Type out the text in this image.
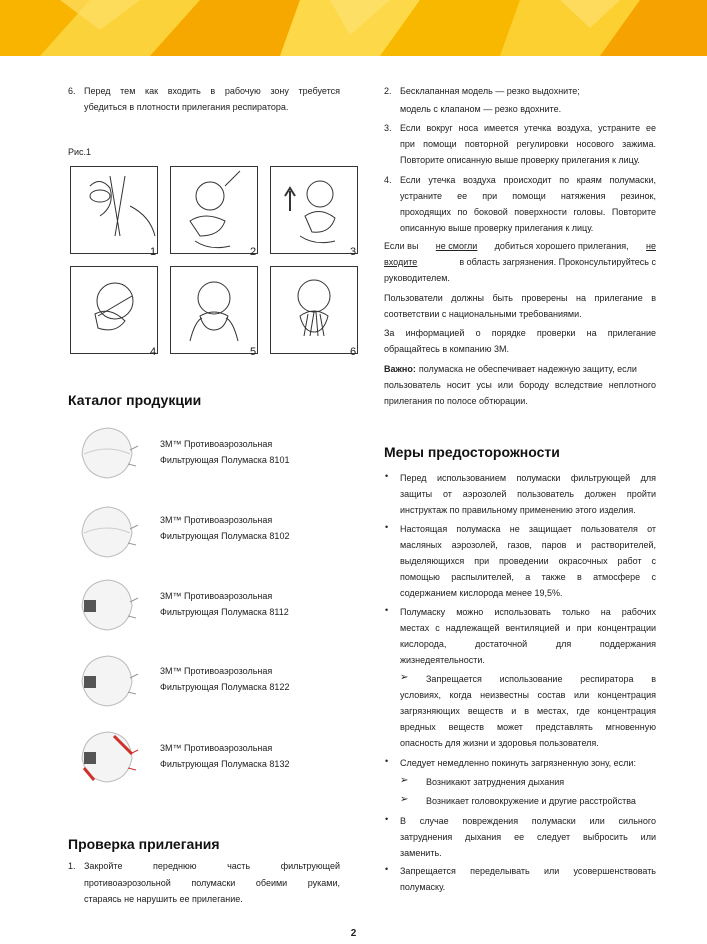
6. Перед тем как входить в рабочую зону требуется
убедиться в плотности прилегания респиратора.
Рис.1
1	2	3
4	5	6
Каталог продукции
3M™ Противоаэрозольная
Фильтрующая Полумаска 8101
3M™ Противоаэрозольная
Фильтрующая Полумаска 8102
3M™ Противоаэрозольная
Фильтрующая Полумаска 8112
3M™ Противоаэрозольная
Фильтрующая Полумаска 8122
3M™ Противоаэрозольная
Фильтрующая Полумаска 8132
Проверка прилегания
1. Закройте переднюю часть фильтрующей
противоаэрозольной полумаски обеими руками,
стараясь не нарушить ее прилегание.
2. Бесклапанная модель — резко выдохните;
модель с клапаном — резко вдохните.
3. Если вокруг носа имеется утечка воздуха, устраните ее
при помощи повторной регулировки носового зажима.
Повторите описанную выше проверку прилегания к лицу.
4. Если утечка воздуха происходит по краям полумаски,
устраните ее при помощи натяжения резинок,
проходящих по боковой поверхности головы. Повторите
описанную выше проверку прилегания к лицу.
Если вы не смогли добиться хорошего прилегания, не
входите	в область загрязнения. Проконсультируйтесь с
руководителем.
Пользователи должны быть проверены на прилегание в
соответствии с национальными требованиями.
За информацией о порядке проверки на прилегание
обращайтесь в компанию 3М.
Важно: полумаска не обеспечивает надежную защиту, если
пользователь носит усы или бороду вследствие неплотного
прилегания по полосе обтюрации.
Меры предосторожности
• Перед использованием полумаски фильтрующей для
защиты от аэрозолей пользователь должен пройти
инструктаж по правильному применению этого изделия.
• Настоящая полумаска не защищает пользователя от
масляных аэрозолей, газов, паров и растворителей,
выделяющихся при проведении окрасочных работ с
помощью распылителей, а также в атмосфере с
содержанием кислорода менее 19,5%.
• Полумаску можно использовать только на рабочих
местах с надлежащей вентиляцией и при концентрации
кислорода, достаточной для поддержания
жизнедеятельности.
➢ Запрещается использование респиратора в
условиях, когда неизвестны состав или концентрация
загрязняющих веществ и в местах, где концентрация
вредных веществ может представлять мгновенную
опасность для жизни и здоровья пользователя.
• Следует немедленно покинуть загрязненную зону, если:
➢ Возникают затруднения дыхания
➢ Возникает головокружение и другие расстройства
• В случае повреждения полумаски или сильного
затруднения дыхания ее следует выбросить или
заменить.
• Запрещается переделывать или усовершенствовать
полумаску.
2
